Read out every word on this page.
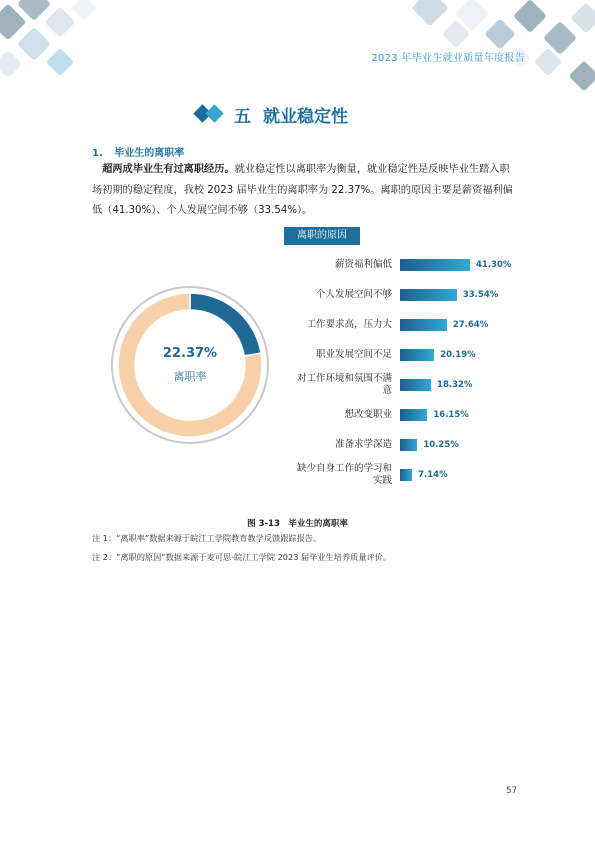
2023 年毕业生就业质量年度报告
五 就业稳定性
1. 毕业生的离职率
  超两成毕业生有过离职经历。就业稳定性以离职率为衡量，就业稳定性是反映毕业生踏入职场初期的稳定程度，我校 2023 届毕业生的离职率为 22.37%。离职的原因主要是薪资福利偏低（41.30%）、个人发展空间不够（33.54%）。
22.37%
离职率
离职的原因
薪资福利偏低	41.30%
个人发展空间不够	33.54%
工作要求高，压力大	27.64%
职业发展空间不足	20.19%
对工作环境和氛围不满意	18.32%
想改变职业	16.15%
准备求学深造	10.25%
缺少自身工作的学习和实践	7.14%
图 3-13　毕业生的离职率
注 1：“离职率”数据来源于皖江工学院教育教学反馈跟踪报告。
注 2：“离职的原因”数据来源于麦可思-皖江工学院 2023 届毕业生培养质量评价。
57
